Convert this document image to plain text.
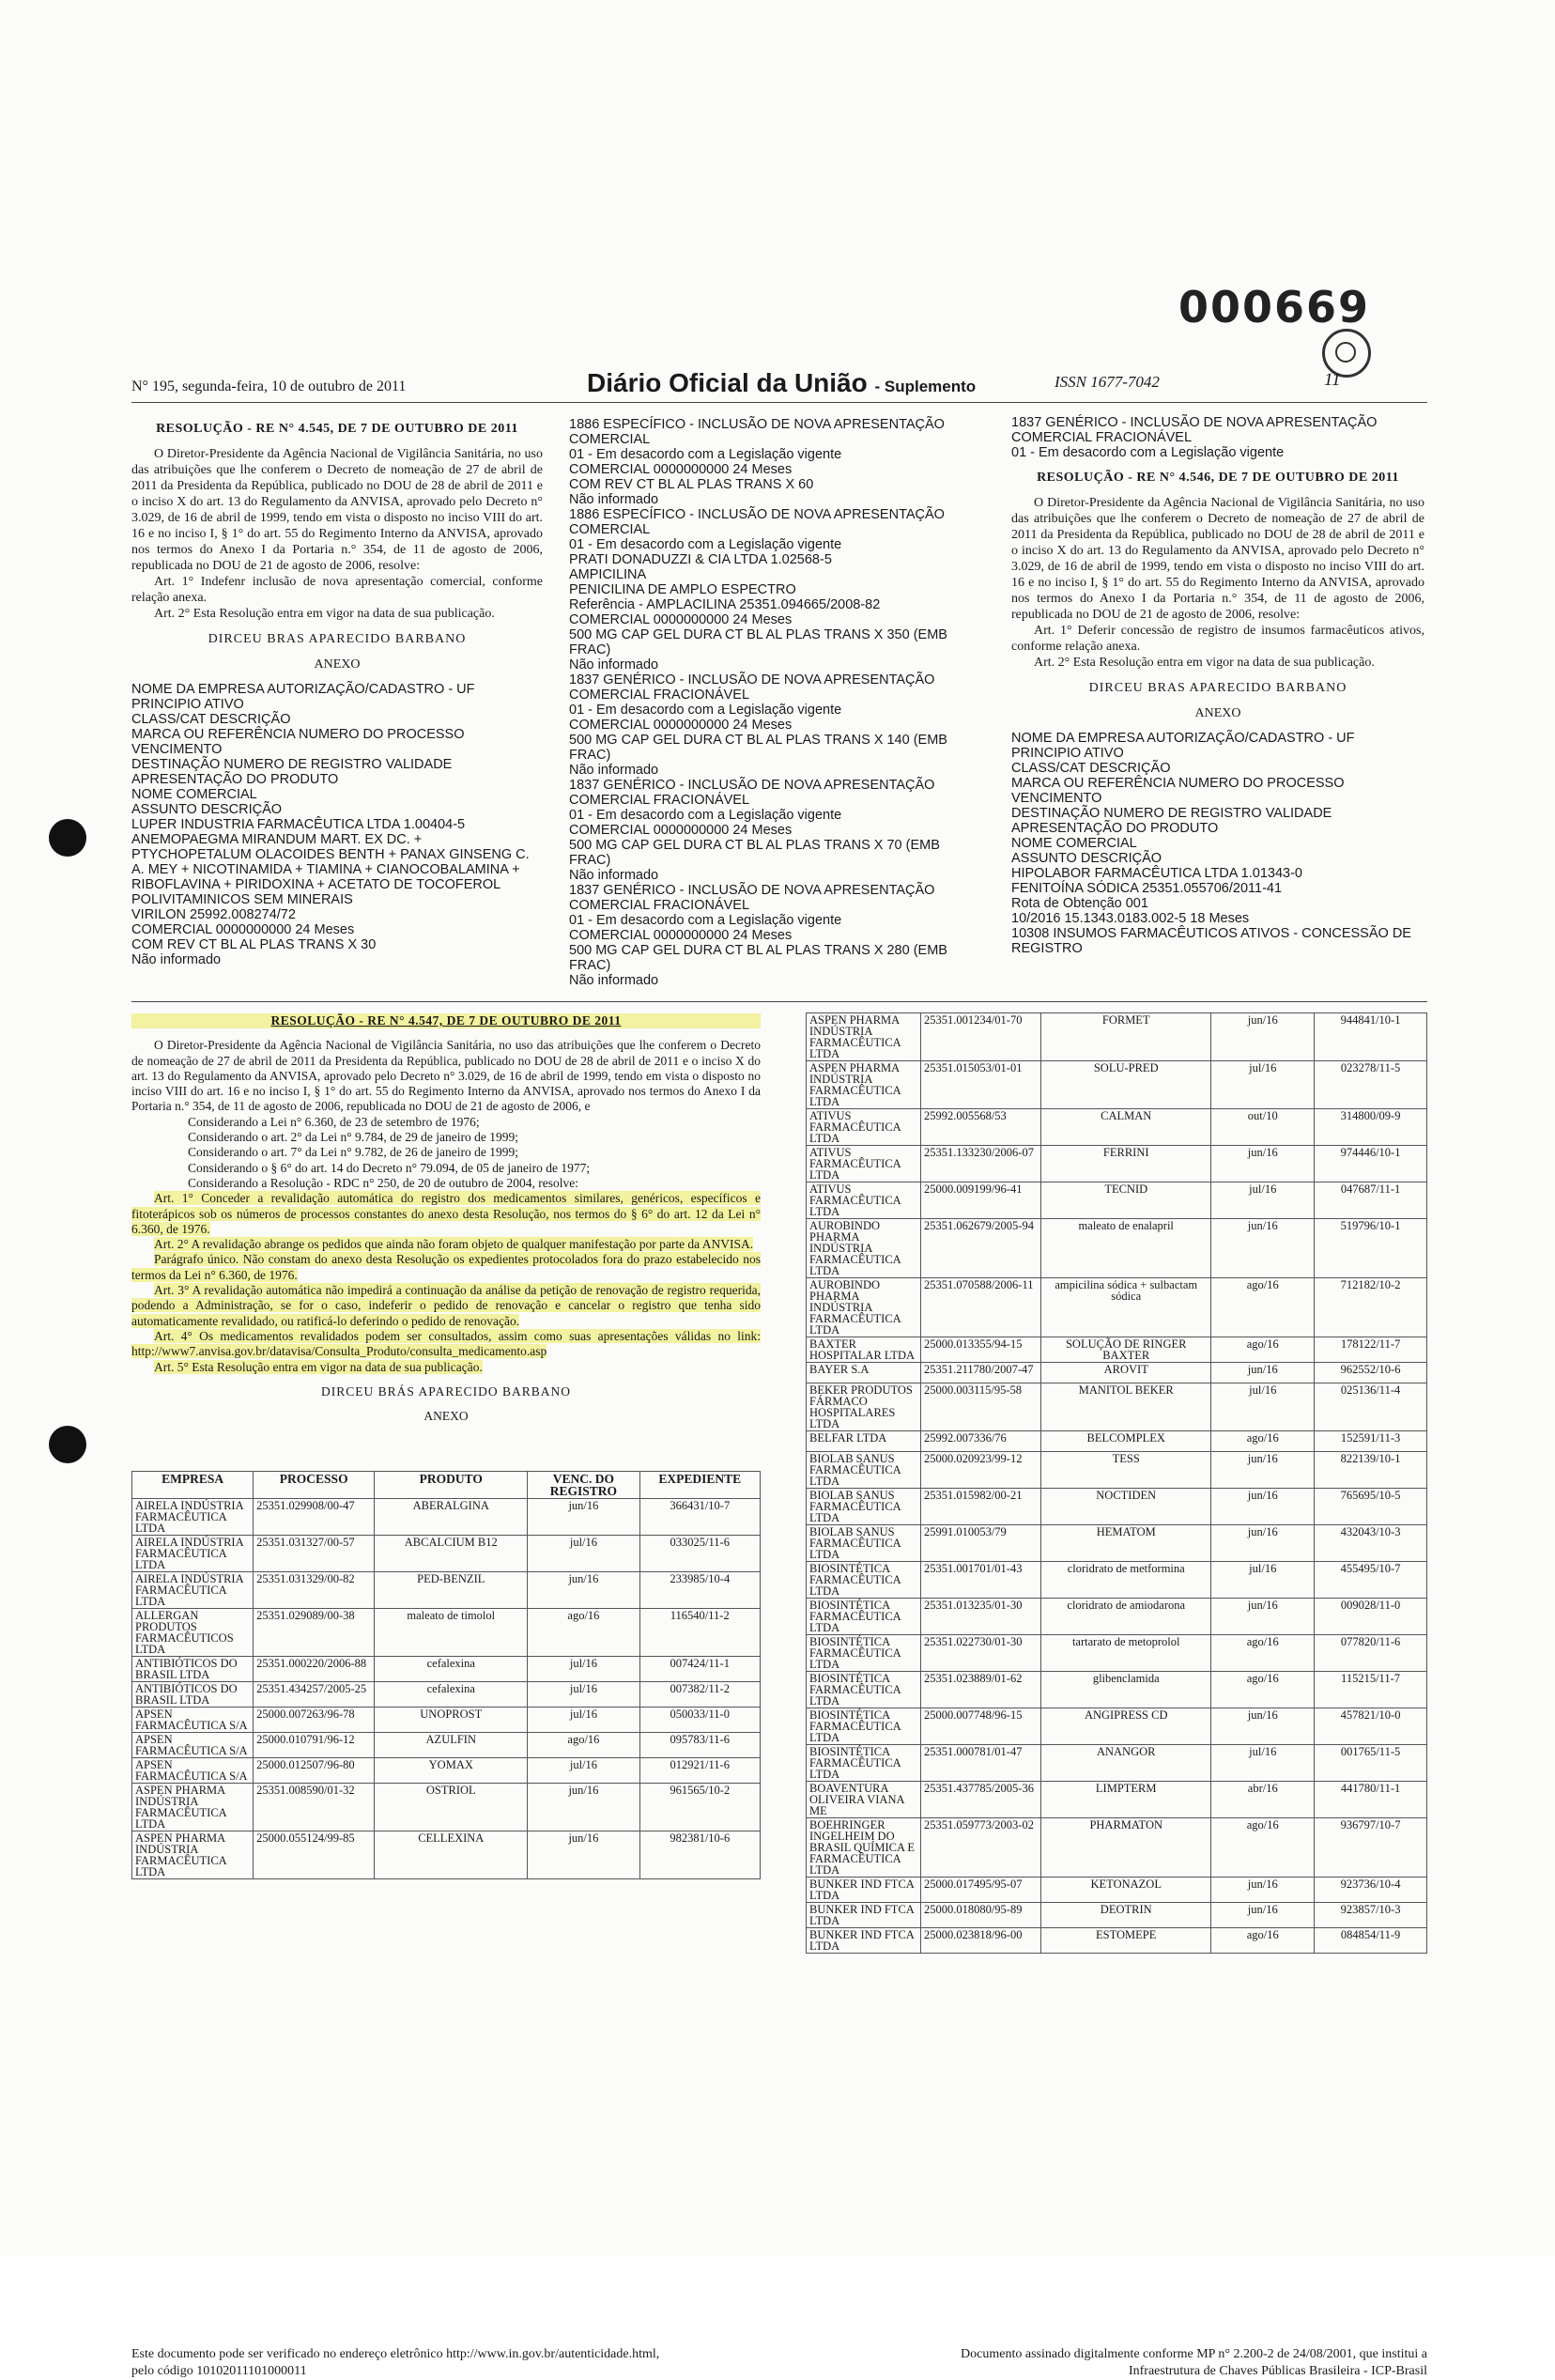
000669
N° 195, segunda-feira, 10 de outubro de 2011	Diário Oficial da União - Suplemento	ISSN 1677-7042	11

RESOLUÇÃO - RE N° 4.545, DE 7 DE OUTUBRO DE 2011

O Diretor-Presidente da Agência Nacional de Vigilância Sanitária, no uso das atribuições que lhe conferem o Decreto de nomeação de 27 de abril de 2011 da Presidenta da República, publicado no DOU de 28 de abril de 2011 e o inciso X do art. 13 do Regulamento da ANVISA, aprovado pelo Decreto n° 3.029, de 16 de abril de 1999, tendo em vista o disposto no inciso VIII do art. 16 e no inciso I, § 1° do art. 55 do Regimento Interno da ANVISA, aprovado nos termos do Anexo I da Portaria n.° 354, de 11 de agosto de 2006, republicada no DOU de 21 de agosto de 2006, resolve:

Art. 1° Indefenr inclusão de nova apresentação comercial, conforme relação anexa.

Art. 2° Esta Resolução entra em vigor na data de sua publicação.

DIRCEU BRAS APARECIDO BARBANO

ANEXO

NOME DA EMPRESA AUTORIZAÇÃO/CADASTRO - UF

PRINCIPIO ATIVO

CLASS/CAT DESCRIÇÃO

MARCA OU REFERÊNCIA NUMERO DO PROCESSO VENCIMENTO

DESTINAÇÃO NUMERO DE REGISTRO VALIDADE

APRESENTAÇÃO DO PRODUTO

NOME COMERCIAL

ASSUNTO DESCRIÇÃO

LUPER INDUSTRIA FARMACÊUTICA LTDA 1.00404-5

ANEMOPAEGMA MIRANDUM MART. EX DC. + PTYCHOPETALUM OLACOIDES BENTH + PANAX GINSENG C. A. MEY + NICOTINAMIDA + TIAMINA + CIANOCOBALAMINA + RIBOFLAVINA + PIRIDOXINA + ACETATO DE TOCOFEROL POLIVITAMINICOS SEM MINERAIS

VIRILON 25992.008274/72

COMERCIAL 0000000000 24 Meses

COM REV CT BL AL PLAS TRANS X 30

Não informado

1886 ESPECÍFICO - INCLUSÃO DE NOVA APRESENTAÇÃO COMERCIAL

01 - Em desacordo com a Legislação vigente

COMERCIAL 0000000000 24 Meses

COM REV CT BL AL PLAS TRANS X 60

Não informado

1886 ESPECÍFICO - INCLUSÃO DE NOVA APRESENTAÇÃO COMERCIAL

01 - Em desacordo com a Legislação vigente

PRATI DONADUZZI & CIA LTDA 1.02568-5

AMPICILINA

PENICILINA DE AMPLO ESPECTRO

Referência - AMPLACILINA 25351.094665/2008-82

COMERCIAL 0000000000 24 Meses

500 MG CAP GEL DURA CT BL AL PLAS TRANS X 350 (EMB FRAC)

Não informado

1837 GENÉRICO - INCLUSÃO DE NOVA APRESENTAÇÃO COMERCIAL FRACIONÁVEL

01 - Em desacordo com a Legislação vigente

COMERCIAL 0000000000 24 Meses

500 MG CAP GEL DURA CT BL AL PLAS TRANS X 140 (EMB FRAC)

Não informado

1837 GENÉRICO - INCLUSÃO DE NOVA APRESENTAÇÃO COMERCIAL FRACIONÁVEL

01 - Em desacordo com a Legislação vigente

COMERCIAL 0000000000 24 Meses

500 MG CAP GEL DURA CT BL AL PLAS TRANS X 70 (EMB FRAC)

Não informado

1837 GENÉRICO - INCLUSÃO DE NOVA APRESENTAÇÃO COMERCIAL FRACIONÁVEL

01 - Em desacordo com a Legislação vigente

COMERCIAL 0000000000 24 Meses

500 MG CAP GEL DURA CT BL AL PLAS TRANS X 280 (EMB FRAC)

Não informado

1837 GENÉRICO - INCLUSÃO DE NOVA APRESENTAÇÃO COMERCIAL FRACIONÁVEL

01 - Em desacordo com a Legislação vigente

RESOLUÇÃO - RE N° 4.546, DE 7 DE OUTUBRO DE 2011

O Diretor-Presidente da Agência Nacional de Vigilância Sanitária, no uso das atribuições que lhe conferem o Decreto de nomeação de 27 de abril de 2011 da Presidenta da República, publicado no DOU de 28 de abril de 2011 e o inciso X do art. 13 do Regulamento da ANVISA, aprovado pelo Decreto n° 3.029, de 16 de abril de 1999, tendo em vista o disposto no inciso VIII do art. 16 e no inciso I, § 1° do art. 55 do Regimento Interno da ANVISA, aprovado nos termos do Anexo I da Portaria n.° 354, de 11 de agosto de 2006, republicada no DOU de 21 de agosto de 2006, resolve:

Art. 1° Deferir concessão de registro de insumos farmacêuticos ativos, conforme relação anexa.

Art. 2° Esta Resolução entra em vigor na data de sua publicação.

DIRCEU BRAS APARECIDO BARBANO

ANEXO

NOME DA EMPRESA AUTORIZAÇÃO/CADASTRO - UF

PRINCIPIO ATIVO

CLASS/CAT DESCRIÇÃO

MARCA OU REFERÊNCIA NUMERO DO PROCESSO VENCIMENTO

DESTINAÇÃO NUMERO DE REGISTRO VALIDADE

APRESENTAÇÃO DO PRODUTO

NOME COMERCIAL

ASSUNTO DESCRIÇÃO

HIPOLABOR FARMACÊUTICA LTDA 1.01343-0

FENITOÍNA SÓDICA 25351.055706/2011-41

Rota de Obtenção 001

10/2016 15.1343.0183.002-5 18 Meses

10308 INSUMOS FARMACÊUTICOS ATIVOS - CONCESSÃO DE REGISTRO

RESOLUÇÃO - RE N° 4.547, DE 7 DE OUTUBRO DE 2011

O Diretor-Presidente da Agência Nacional de Vigilância Sanitária, no uso das atribuições que lhe conferem o Decreto de nomeação de 27 de abril de 2011 da Presidenta da República, publicado no DOU de 28 de abril de 2011 e o inciso X do art. 13 do Regulamento da ANVISA, aprovado pelo Decreto n° 3.029, de 16 de abril de 1999, tendo em vista o disposto no inciso VIII do art. 16 e no inciso I, § 1° do art. 55 do Regimento Interno da ANVISA, aprovado nos termos do Anexo I da Portaria n.° 354, de 11 de agosto de 2006, republicada no DOU de 21 de agosto de 2006, e

Considerando a Lei n° 6.360, de 23 de setembro de 1976;

Considerando o art. 2° da Lei n° 9.784, de 29 de janeiro de 1999;

Considerando o art. 7° da Lei n° 9.782, de 26 de janeiro de 1999;

Considerando o § 6° do art. 14 do Decreto n° 79.094, de 05 de janeiro de 1977;

Considerando a Resolução - RDC n° 250, de 20 de outubro de 2004, resolve:

Art. 1° Conceder a revalidação automática do registro dos medicamentos similares, genéricos, específicos e fitoterápicos sob os números de processos constantes do anexo desta Resolução, nos termos do § 6° do art. 12 da Lei n° 6.360, de 1976.

Art. 2° A revalidação abrange os pedidos que ainda não foram objeto de qualquer manifestação por parte da ANVISA.

Parágrafo único. Não constam do anexo desta Resolução os expedientes protocolados fora do prazo estabelecido nos termos da Lei n° 6.360, de 1976.

Art. 3° A revalidação automática não impedirá a continuação da análise da petição de renovação de registro requerida, podendo a Administração, se for o caso, indeferir o pedido de renovação e cancelar o registro que tenha sido automaticamente revalidado, ou ratificá-lo deferindo o pedido de renovação.

Art. 4° Os medicamentos revalidados podem ser consultados, assim como suas apresentações válidas no link: http://www7.anvisa.gov.br/datavisa/Consulta_Produto/consulta_medicamento.asp

Art. 5° Esta Resolução entra em vigor na data de sua publicação.

DIRCEU BRÁS APARECIDO BARBANO

ANEXO

EMPRESA	PROCESSO	PRODUTO	VENC. DO REGISTRO	EXPEDIENTE
AIRELA INDÚSTRIA FARMACÊUTICA LTDA	25351.029908/00-47	ABERALGINA	jun/16	366431/10-7
AIRELA INDÚSTRIA FARMACÊUTICA LTDA	25351.031327/00-57	ABCALCIUM B12	jul/16	033025/11-6
AIRELA INDÚSTRIA FARMACÊUTICA LTDA	25351.031329/00-82	PED-BENZIL	jun/16	233985/10-4
ALLERGAN PRODUTOS FARMACÊUTICOS LTDA	25351.029089/00-38	maleato de timolol	ago/16	116540/11-2
ANTIBIÓTICOS DO BRASIL LTDA	25351.000220/2006-88	cefalexina	jul/16	007424/11-1
ANTIBIÓTICOS DO BRASIL LTDA	25351.434257/2005-25	cefalexina	jul/16	007382/11-2
APSEN FARMACÊUTICA S/A	25000.007263/96-78	UNOPROST	jul/16	050033/11-0
APSEN FARMACÊUTICA S/A	25000.010791/96-12	AZULFIN	ago/16	095783/11-6
APSEN FARMACÊUTICA S/A	25000.012507/96-80	YOMAX	jul/16	012921/11-6
ASPEN PHARMA INDÚSTRIA FARMACÊUTICA LTDA	25351.008590/01-32	OSTRIOL	jun/16	961565/10-2
ASPEN PHARMA INDÚSTRIA FARMACÊUTICA LTDA	25000.055124/99-85	CELLEXINA	jun/16	982381/10-6
ASPEN PHARMA INDÚSTRIA FARMACÊUTICA LTDA	25351.001234/01-70	FORMET	jun/16	944841/10-1
ASPEN PHARMA INDÚSTRIA FARMACÊUTICA LTDA	25351.015053/01-01	SOLU-PRED	jul/16	023278/11-5
ATIVUS FARMACÊUTICA LTDA	25992.005568/53	CALMAN	out/10	314800/09-9
ATIVUS FARMACÊUTICA LTDA	25351.133230/2006-07	FERRINI	jun/16	974446/10-1
ATIVUS FARMACÊUTICA LTDA	25000.009199/96-41	TECNID	jul/16	047687/11-1
AUROBINDO PHARMA INDÚSTRIA FARMACÊUTICA LTDA	25351.062679/2005-94	maleato de enalapril	jun/16	519796/10-1
AUROBINDO PHARMA INDÚSTRIA FARMACÊUTICA LTDA	25351.070588/2006-11	ampicilina sódica + sulbactam sódica	ago/16	712182/10-2
BAXTER HOSPITALAR LTDA	25000.013355/94-15	SOLUÇÃO DE RINGER BAXTER	ago/16	178122/11-7
BAYER S.A	25351.211780/2007-47	AROVIT	jun/16	962552/10-6
BEKER PRODUTOS FÁRMACO HOSPITALARES LTDA	25000.003115/95-58	MANITOL BEKER	jul/16	025136/11-4
BELFAR LTDA	25992.007336/76	BELCOMPLEX	ago/16	152591/11-3
BIOLAB SANUS FARMACÊUTICA LTDA	25000.020923/99-12	TESS	jun/16	822139/10-1
BIOLAB SANUS FARMACÊUTICA LTDA	25351.015982/00-21	NOCTIDEN	jun/16	765695/10-5
BIOLAB SANUS FARMACÊUTICA LTDA	25991.010053/79	HEMATOM	jun/16	432043/10-3
BIOSINTÉTICA FARMACÊUTICA LTDA	25351.001701/01-43	cloridrato de metformina	jul/16	455495/10-7
BIOSINTÉTICA FARMACÊUTICA LTDA	25351.013235/01-30	cloridrato de amiodarona	jun/16	009028/11-0
BIOSINTÉTICA FARMACÊUTICA LTDA	25351.022730/01-30	tartarato de metoprolol	ago/16	077820/11-6
BIOSINTÉTICA FARMACÊUTICA LTDA	25351.023889/01-62	glibenclamida	ago/16	115215/11-7
BIOSINTÉTICA FARMACÊUTICA LTDA	25000.007748/96-15	ANGIPRESS CD	jun/16	457821/10-0
BIOSINTÉTICA FARMACÊUTICA LTDA	25351.000781/01-47	ANANGOR	jul/16	001765/11-5
BOAVENTURA OLIVEIRA VIANA ME	25351.437785/2005-36	LIMPTERM	abr/16	441780/11-1
BOEHRINGER INGELHEIM DO BRASIL QUÍMICA E FARMACÊUTICA LTDA	25351.059773/2003-02	PHARMATON	ago/16	936797/10-7
BUNKER IND FTCA LTDA	25000.017495/95-07	KETONAZOL	jun/16	923736/10-4
BUNKER IND FTCA LTDA	25000.018080/95-89	DEOTRIN	jun/16	923857/10-3
BUNKER IND FTCA LTDA	25000.023818/96-00	ESTOMEPE	ago/16	084854/11-9
Este documento pode ser verificado no endereço eletrônico http://www.in.gov.br/autenticidade.html,
pelo código 10102011101000011
Documento assinado digitalmente conforme MP n° 2.200-2 de 24/08/2001, que institui a
Infraestrutura de Chaves Públicas Brasileira - ICP-Brasil
